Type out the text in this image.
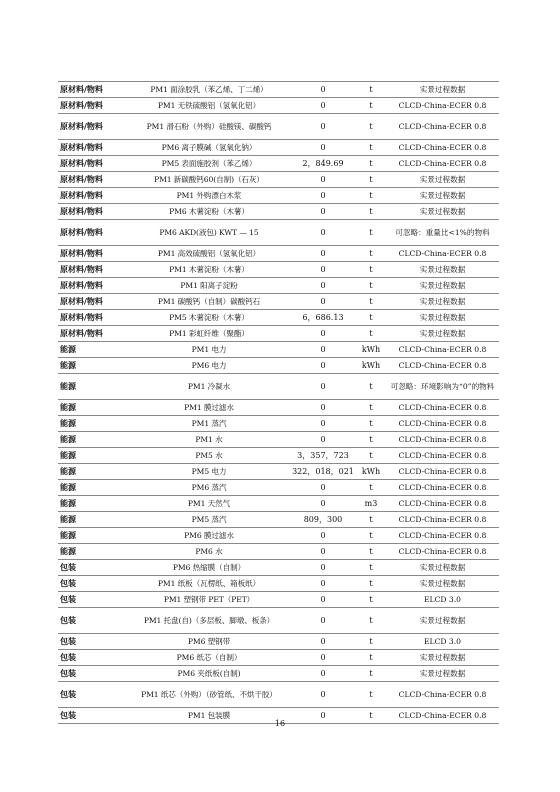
原材料/物料	PM1 面涂胶乳（苯乙烯、丁二烯）	0	t	实景过程数据
原材料/物料	PM1 无铁硫酸铝（氢氧化铝）	0	t	CLCD-China-ECER 0.8
原材料/物料	PM1 滑石粉（外购）硅酸镁、碳酸钙	0	t	CLCD-China-ECER 0.8
原材料/物料	PM6 离子膜碱（氢氧化钠）	0	t	CLCD-China-ECER 0.8
原材料/物料	PM5 表面施胶剂（苯乙烯）	2，849.69	t	CLCD-China-ECER 0.8
原材料/物料	PM1 新碳酸钙60(自制)（石灰）	0	t	实景过程数据
原材料/物料	PM1 外购漂白木浆	0	t	实景过程数据
原材料/物料	PM6 木薯淀粉（木薯）	0	t	实景过程数据
原材料/物料	PM6 AKD(液包) KWT — 15	0	t	可忽略：重量比<1%的物料
原材料/物料	PM1 高效硫酸铝（氢氧化铝）	0	t	CLCD-China-ECER 0.8
原材料/物料	PM1 木薯淀粉（木薯）	0	t	实景过程数据
原材料/物料	PM1 阳离子淀粉	0	t	实景过程数据
原材料/物料	PM1 碳酸钙（自制）碳酸钙石	0	t	实景过程数据
原材料/物料	PM5 木薯淀粉（木薯）	6，686.13	t	实景过程数据
原材料/物料	PM1 彩虹纤维（聚酯）	0	t	实景过程数据
能源	PM1 电力	0	kWh	CLCD-China-ECER 0.8
能源	PM6 电力	0	kWh	CLCD-China-ECER 0.8
能源	PM1 冷凝水	0	t	可忽略：环境影响为“0”的物料
能源	PM1 膜过滤水	0	t	CLCD-China-ECER 0.8
能源	PM1 蒸汽	0	t	CLCD-China-ECER 0.8
能源	PM1 水	0	t	CLCD-China-ECER 0.8
能源	PM5 水	3，357，723	t	CLCD-China-ECER 0.8
能源	PM5 电力	322，018，021	kWh	CLCD-China-ECER 0.8
能源	PM6 蒸汽	0	t	CLCD-China-ECER 0.8
能源	PM1 天然气	0	m3	CLCD-China-ECER 0.8
能源	PM5 蒸汽	809，300	t	CLCD-China-ECER 0.8
能源	PM6 膜过滤水	0	t	CLCD-China-ECER 0.8
能源	PM6 水	0	t	CLCD-China-ECER 0.8
包装	PM6 热缩膜（自制）	0	t	实景过程数据
包装	PM1 纸板（瓦楞纸、箱板纸）	0	t	实景过程数据
包装	PM1 塑钢带 PET（PET）	0	t	ELCD 3.0
包装	PM1 托盘(自)（多层板、脚墩、板条）	0	t	实景过程数据
包装	PM6 塑钢带	0	t	ELCD 3.0
包装	PM6 纸芯（自制）	0	t	实景过程数据
包装	PM6 夹纸板(自制)	0	t	实景过程数据
包装	PM1 纸芯（外购）（砂管纸、不烘干胶）	0	t	CLCD-China-ECER 0.8
包装	PM1 包装膜	0	t	CLCD-China-ECER 0.8
16
